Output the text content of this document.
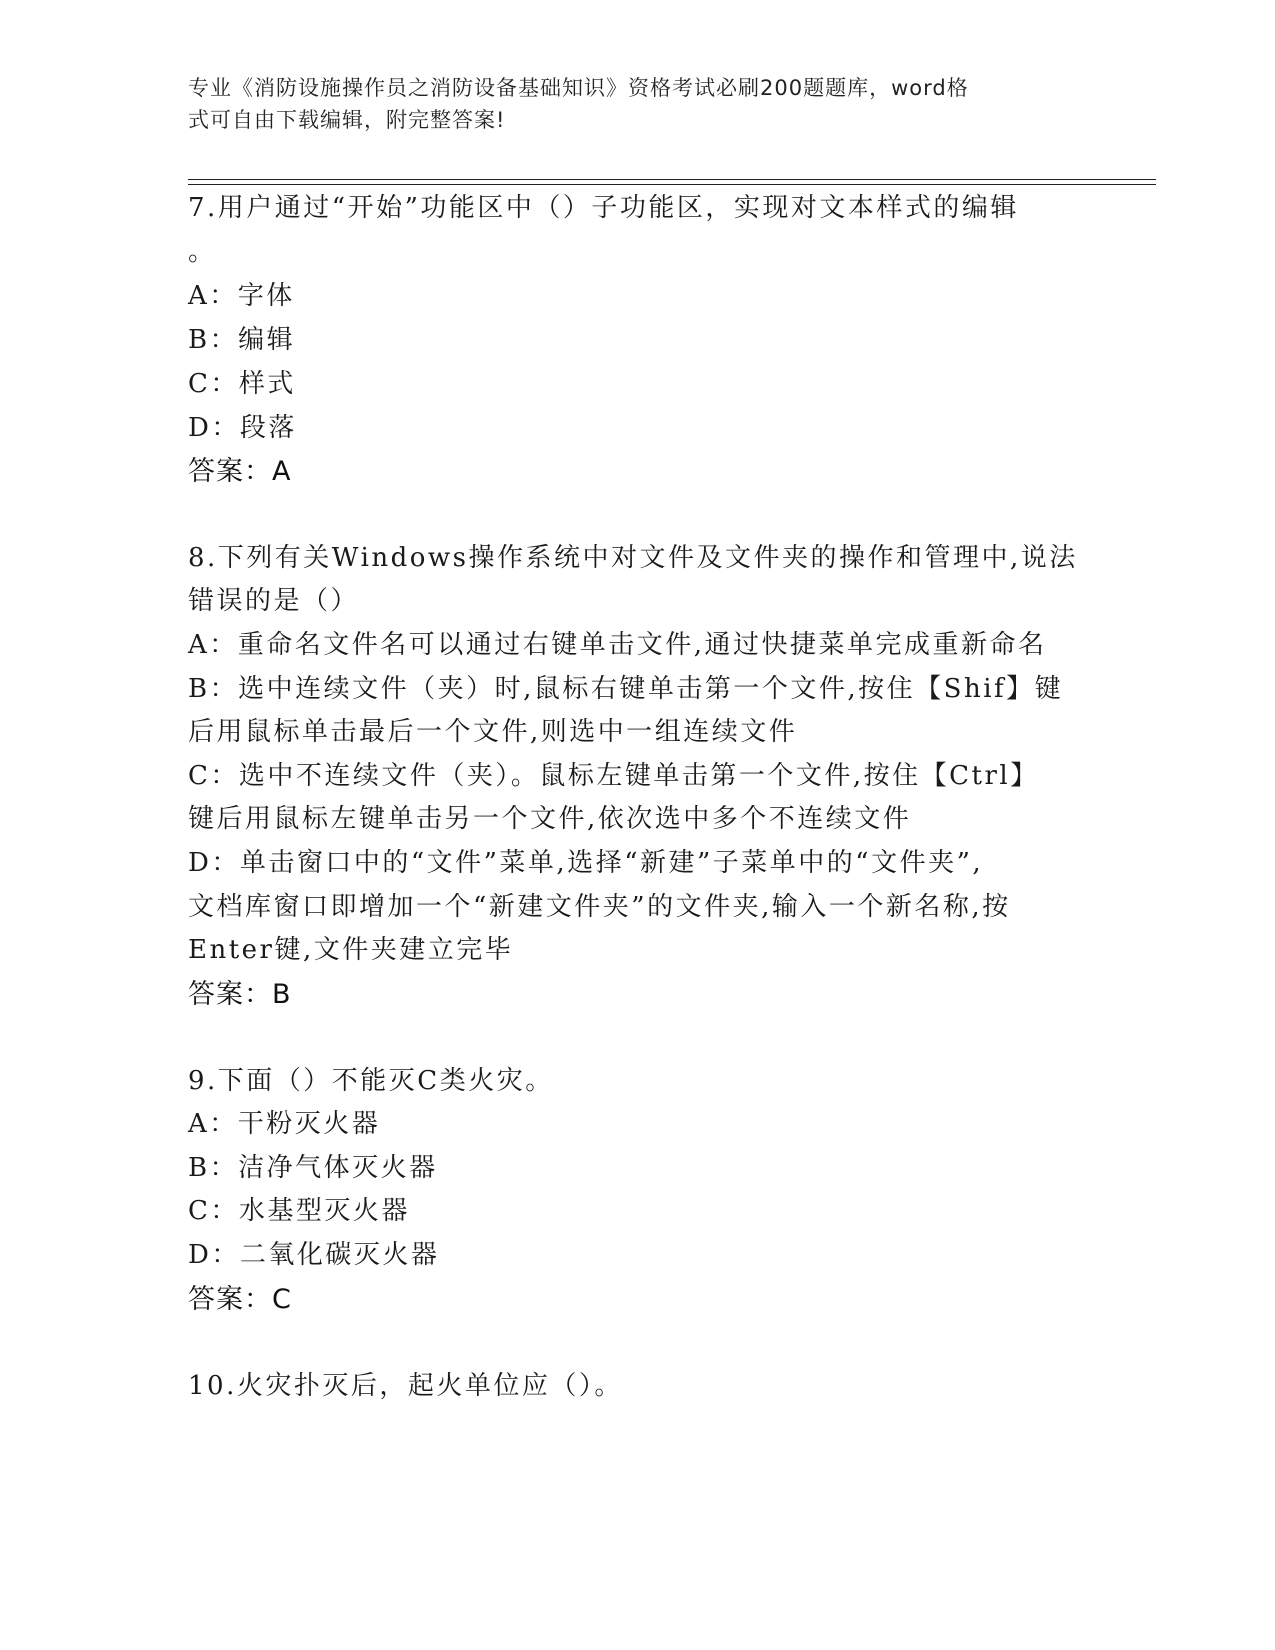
专业《消防设施操作员之消防设备基础知识》资格考试必刷200题题库，word格
式可自由下载编辑，附完整答案!
7.用户通过“开始”功能区中（）子功能区，实现对文本样式的编辑
。
A：字体
B：编辑
C：样式
D：段落
答案：A
8.下列有关Windows操作系统中对文件及文件夹的操作和管理中,说法
错误的是（）
A：重命名文件名可以通过右键单击文件,通过快捷菜单完成重新命名
B：选中连续文件（夹）时,鼠标右键单击第一个文件,按住【Shif】键
后用鼠标单击最后一个文件,则选中一组连续文件
C：选中不连续文件（夹）。鼠标左键单击第一个文件,按住【Ctrl】
键后用鼠标左键单击另一个文件,依次选中多个不连续文件
D：单击窗口中的“文件”菜单,选择“新建”子菜单中的“文件夹”,
文档库窗口即增加一个“新建文件夹”的文件夹,输入一个新名称,按
Enter键,文件夹建立完毕
答案：B
9.下面（）不能灭C类火灾。
A：干粉灭火器
B：洁净气体灭火器
C：水基型灭火器
D：二氧化碳灭火器
答案：C
10.火灾扑灭后，起火单位应（）。
